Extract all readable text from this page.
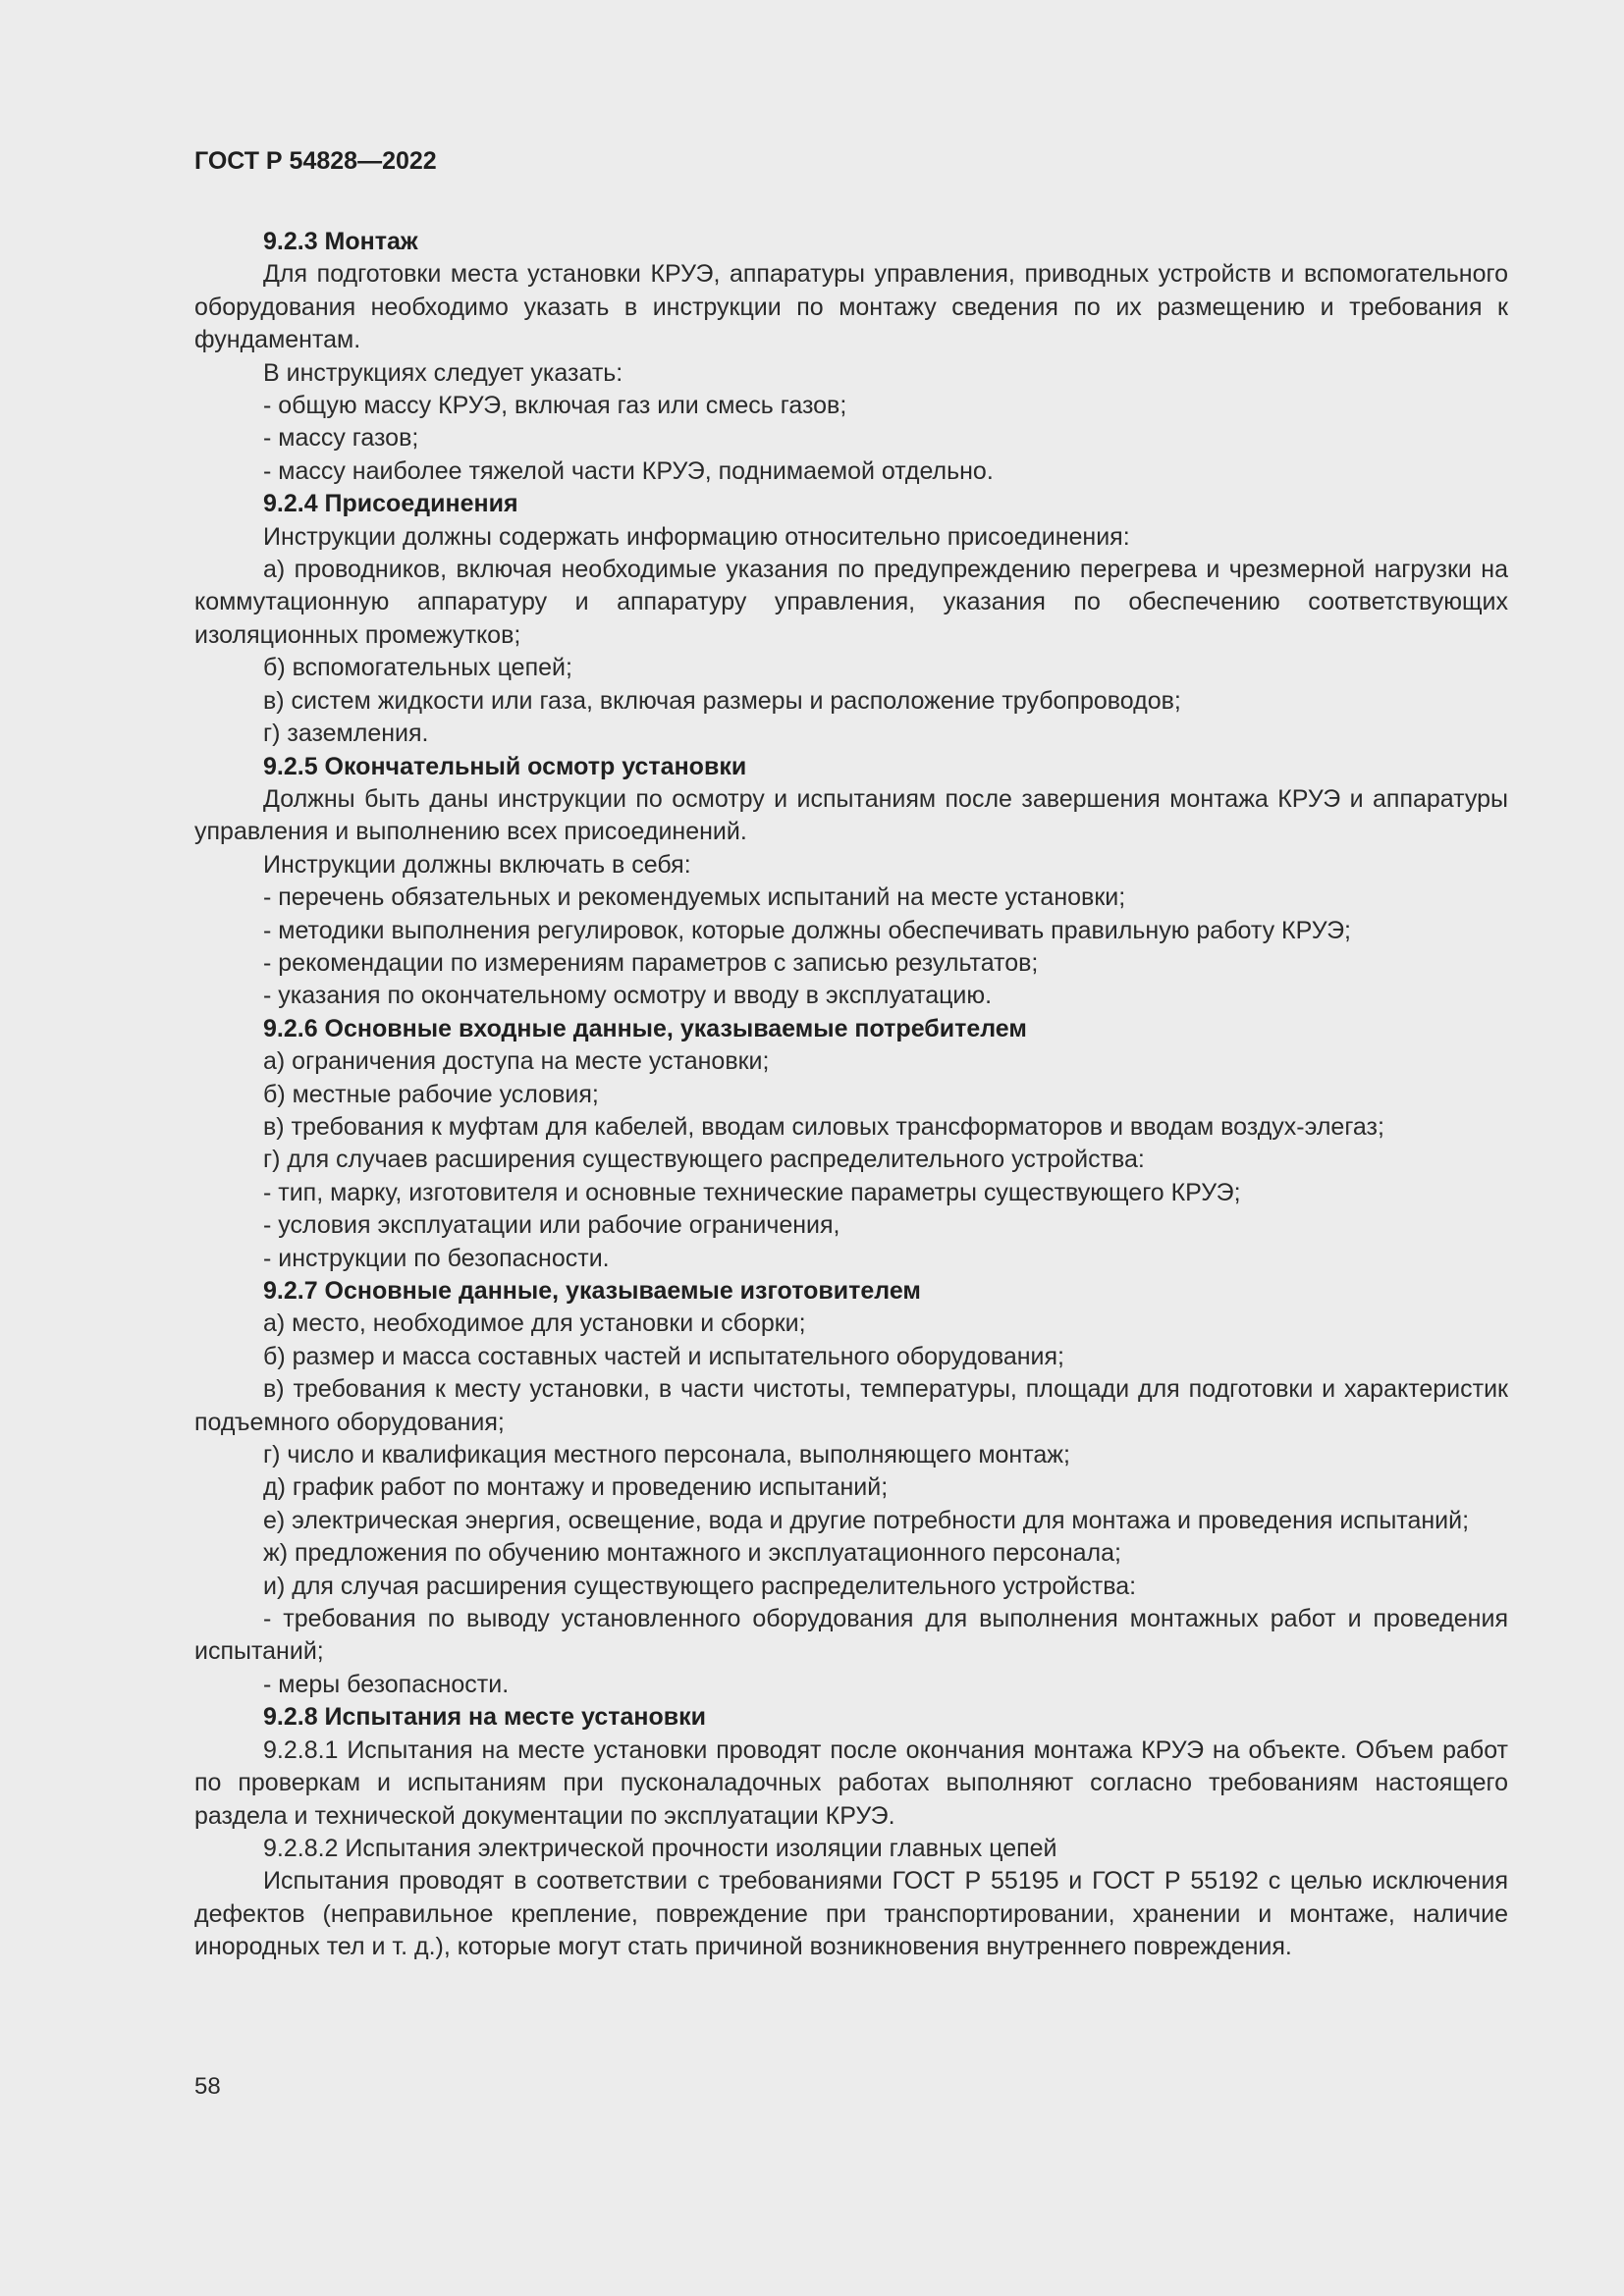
ГОСТ Р 54828—2022

9.2.3 Монтаж

Для подготовки места установки КРУЭ, аппаратуры управления, приводных устройств и вспомогательного оборудования необходимо указать в инструкции по монтажу сведения по их размещению и требования к фундаментам.

В инструкциях следует указать:

- общую массу КРУЭ, включая газ или смесь газов;

- массу газов;

- массу наиболее тяжелой части КРУЭ, поднимаемой отдельно.

9.2.4 Присоединения

Инструкции должны содержать информацию относительно присоединения:

а) проводников, включая необходимые указания по предупреждению перегрева и чрезмерной нагрузки на коммутационную аппаратуру и аппаратуру управления, указания по обеспечению соответствующих изоляционных промежутков;

б) вспомогательных цепей;

в) систем жидкости или газа, включая размеры и расположение трубопроводов;

г) заземления.

9.2.5 Окончательный осмотр установки

Должны быть даны инструкции по осмотру и испытаниям после завершения монтажа КРУЭ и аппаратуры управления и выполнению всех присоединений.

Инструкции должны включать в себя:

- перечень обязательных и рекомендуемых испытаний на месте установки;

- методики выполнения регулировок, которые должны обеспечивать правильную работу КРУЭ;

- рекомендации по измерениям параметров с записью результатов;

- указания по окончательному осмотру и вводу в эксплуатацию.

9.2.6 Основные входные данные, указываемые потребителем

а) ограничения доступа на месте установки;

б) местные рабочие условия;

в) требования к муфтам для кабелей, вводам силовых трансформаторов и вводам воздух-элегаз;

г) для случаев расширения существующего распределительного устройства:

- тип, марку, изготовителя и основные технические параметры существующего КРУЭ;

- условия эксплуатации или рабочие ограничения,

- инструкции по безопасности.

9.2.7 Основные данные, указываемые изготовителем

а) место, необходимое для установки и сборки;

б) размер и масса составных частей и испытательного оборудования;

в) требования к месту установки, в части чистоты, температуры, площади для подготовки и характеристик подъемного оборудования;

г) число и квалификация местного персонала, выполняющего монтаж;

д) график работ по монтажу и проведению испытаний;

е) электрическая энергия, освещение, вода и другие потребности для монтажа и проведения испытаний;

ж) предложения по обучению монтажного и эксплуатационного персонала;

и) для случая расширения существующего распределительного устройства:

- требования по выводу установленного оборудования для выполнения монтажных работ и проведения испытаний;

- меры безопасности.

9.2.8 Испытания на месте установки

9.2.8.1 Испытания на месте установки проводят после окончания монтажа КРУЭ на объекте. Объем работ по проверкам и испытаниям при пусконаладочных работах выполняют согласно требованиям настоящего раздела и технической документации по эксплуатации КРУЭ.

9.2.8.2 Испытания электрической прочности изоляции главных цепей

Испытания проводят в соответствии с требованиями ГОСТ Р 55195 и ГОСТ Р 55192 с целью исключения дефектов (неправильное крепление, повреждение при транспортировании, хранении и монтаже, наличие инородных тел и т. д.), которые могут стать причиной возникновения внутреннего повреждения.

58
